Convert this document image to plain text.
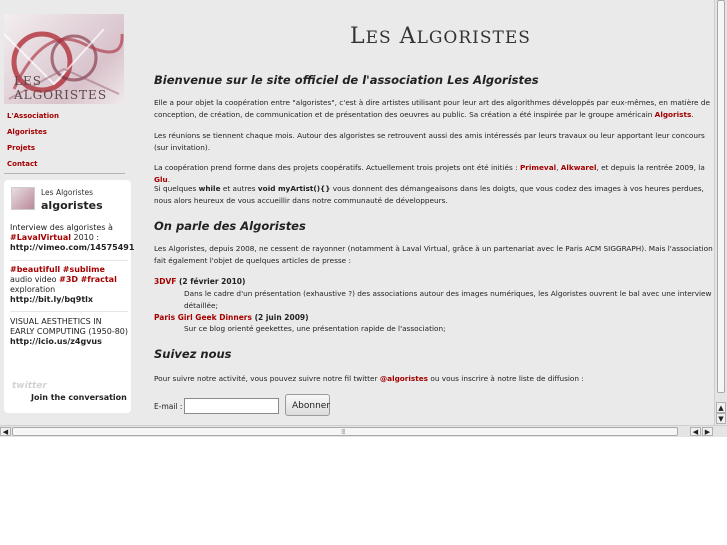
LES ALGORISTES
L'Association
Algoristes
Projets
Contact
Les Algoristes
algoristes
Interview des algoristes à #LavalVirtual 2010 : http://vimeo.com/14575491
#beautifull #sublime audio video #3D #fractal exploration http://bit.ly/bq9tlx
VISUAL AESTHETICS IN EARLY COMPUTING (1950-80) http://icio.us/z4gvus
twitter
Join the conversation
LES ALGORISTES
Bienvenue sur le site officiel de l'association Les Algoristes

Elle a pour objet la coopération entre "algoristes", c'est à dire artistes utilisant pour leur art des algorithmes développés par eux-mêmes, en matière de conception, de création, de communication et de présentation des oeuvres au public. Sa création a été inspirée par le groupe américain Algorists.

Les réunions se tiennent chaque mois. Autour des algoristes se retrouvent aussi des amis intéressés par leurs travaux ou leur apportant leur concours (sur invitation).

La coopération prend forme dans des projets coopératifs. Actuellement trois projets ont été initiés : Primeval, Alkwarel, et depuis la rentrée 2009, la Glu.

Si quelques while et autres void myArtist(){} vous donnent des démangeaisons dans les doigts, que vous codez des images à vos heures perdues, nous alors heureux de vous accueillir dans notre communauté de développeurs.

On parle des Algoristes

Les Algoristes, depuis 2008, ne cessent de rayonner (notamment à Laval Virtual, grâce à un partenariat avec le Paris ACM SIGGRAPH). Mais l'association fait également l'objet de quelques articles de presse :

3DVF (2 février 2010)

Dans le cadre d'un présentation (exhaustive ?) des associations autour des images numériques, les Algoristes ouvrent le bal avec une interview détaillée;

Paris Girl Geek Dinners (2 juin 2009)

Sur ce blog orienté geekettes, une présentation rapide de l'association;

Suivez nous

Pour suivre notre activité, vous pouvez suivre notre fil twitter @algoristes ou vous inscrire à notre liste de diffusion :

E-mail :	Abonner	▲
▼
◀	⁞⁞⁞	◀ ▶
